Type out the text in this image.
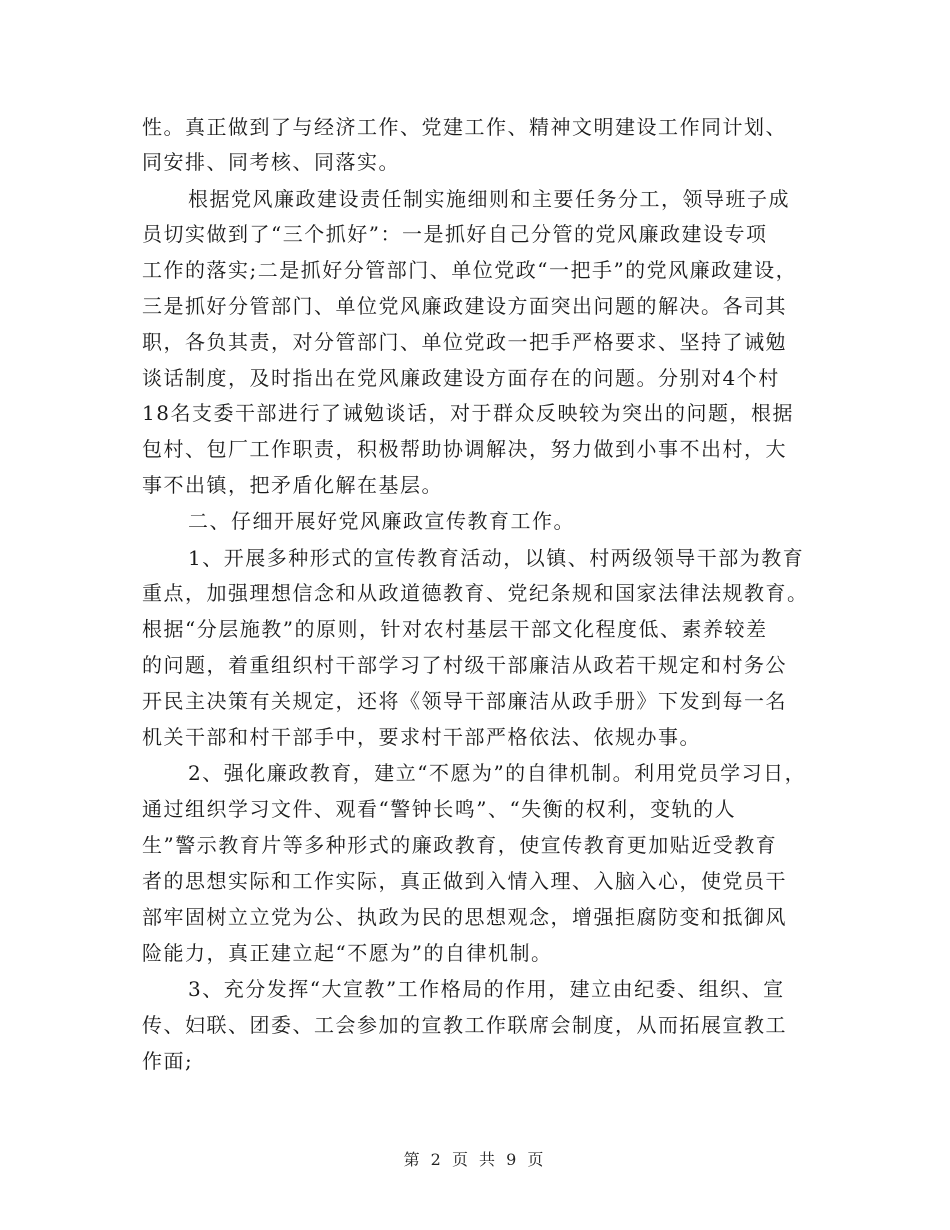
性。真正做到了与经济工作、党建工作、精神文明建设工作同计划、
同安排、同考核、同落实。
根据党风廉政建设责任制实施细则和主要任务分工，领导班子成
员切实做到了“三个抓好”：一是抓好自己分管的党风廉政建设专项
工作的落实;二是抓好分管部门、单位党政“一把手”的党风廉政建设，
三是抓好分管部门、单位党风廉政建设方面突出问题的解决。各司其
职，各负其责，对分管部门、单位党政一把手严格要求、坚持了诫勉
谈话制度，及时指出在党风廉政建设方面存在的问题。分别对4个村
18名支委干部进行了诫勉谈话，对于群众反映较为突出的问题，根据
包村、包厂工作职责，积极帮助协调解决，努力做到小事不出村，大
事不出镇，把矛盾化解在基层。
二、仔细开展好党风廉政宣传教育工作。
1、开展多种形式的宣传教育活动，以镇、村两级领导干部为教育
重点，加强理想信念和从政道德教育、党纪条规和国家法律法规教育。
根据“分层施教”的原则，针对农村基层干部文化程度低、素养较差
的问题，着重组织村干部学习了村级干部廉洁从政若干规定和村务公
开民主决策有关规定，还将《领导干部廉洁从政手册》下发到每一名
机关干部和村干部手中，要求村干部严格依法、依规办事。
2、强化廉政教育，建立“不愿为”的自律机制。利用党员学习日，
通过组织学习文件、观看“警钟长鸣”、“失衡的权利，变轨的人
生”警示教育片等多种形式的廉政教育，使宣传教育更加贴近受教育
者的思想实际和工作实际，真正做到入情入理、入脑入心，使党员干
部牢固树立立党为公、执政为民的思想观念，增强拒腐防变和抵御风
险能力，真正建立起“不愿为”的自律机制。
3、充分发挥“大宣教”工作格局的作用，建立由纪委、组织、宣
传、妇联、团委、工会参加的宣教工作联席会制度，从而拓展宣教工
作面;
第 2 页 共 9 页
